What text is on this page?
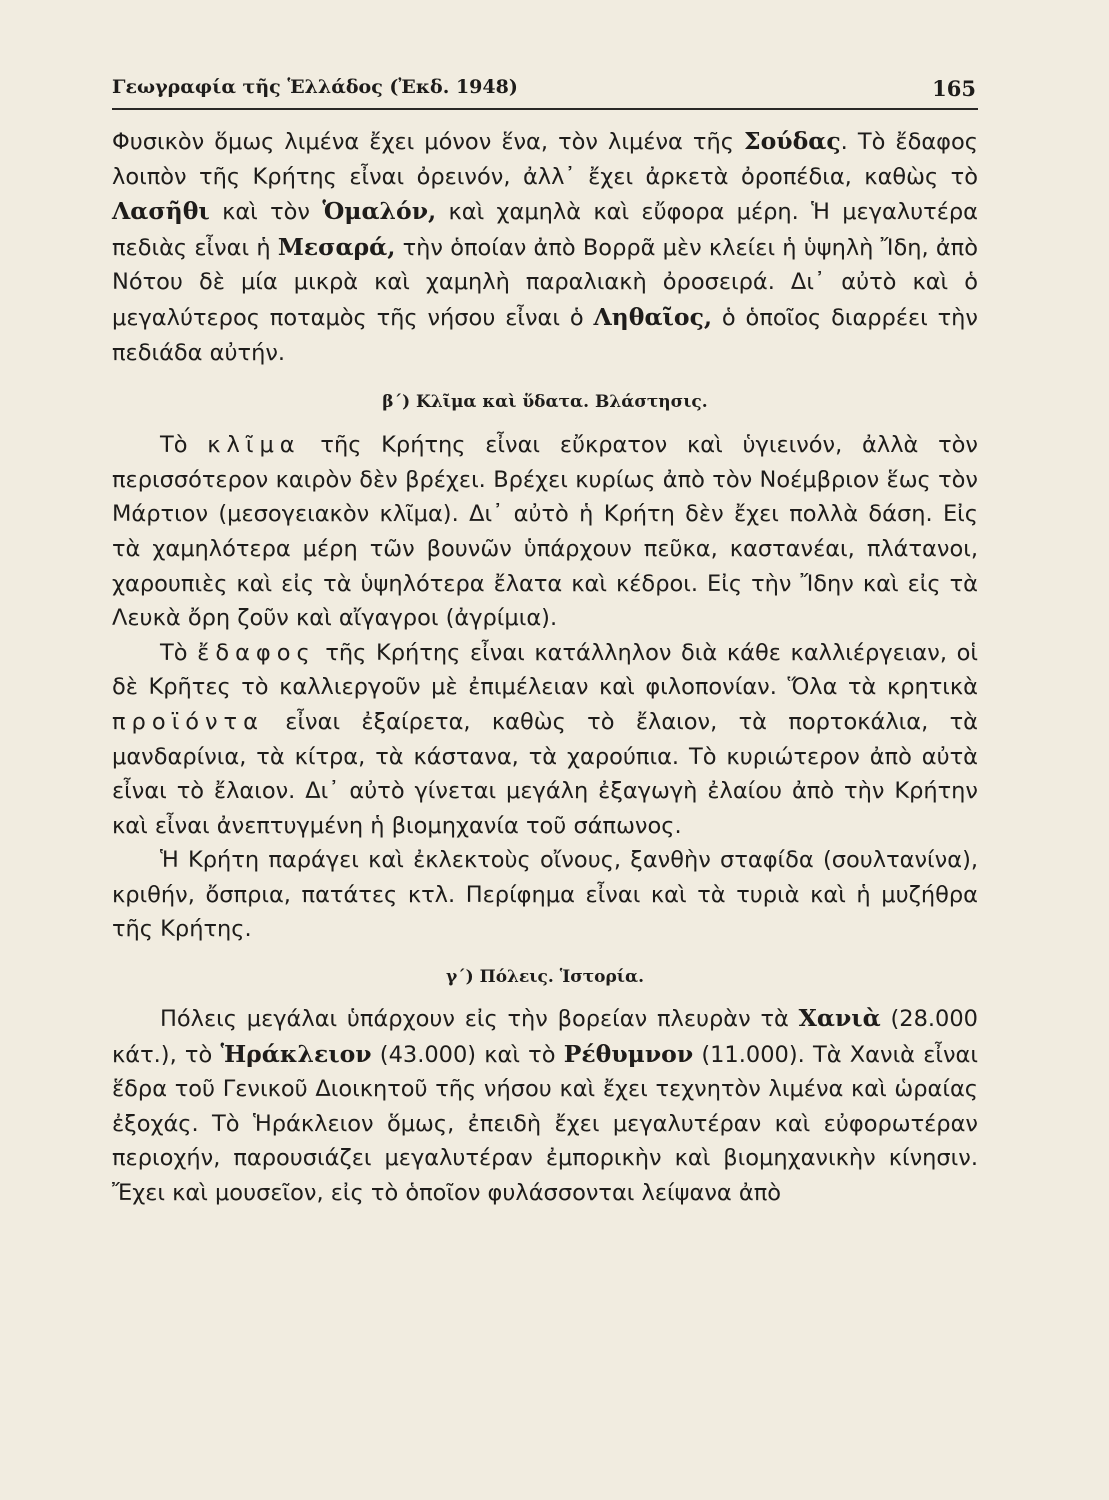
Γεωγραφία τῆς Ἑλλάδος (Ἐκδ. 1948)	165

Φυσικὸν ὅμως λιμένα ἔχει μόνον ἕνα, τὸν λιμένα τῆς Σούδας. Τὸ ἔδαφος λοιπὸν τῆς Κρήτης εἶναι ὀρεινόν, ἀλλ᾽ ἔχει ἀρκετὰ ὀροπέδια, καθὼς τὸ Λασῆθι καὶ τὸν Ὁμαλόν, καὶ χαμηλὰ καὶ εὔφορα μέρη. Ἡ μεγαλυτέρα πεδιὰς εἶναι ἡ Μεσαρά, τὴν ὁποίαν ἀπὸ Βορρᾶ μὲν κλείει ἡ ὑψηλὴ Ἴδη, ἀπὸ Νότου δὲ μία μικρὰ καὶ χαμηλὴ παραλιακὴ ὀροσειρά. Δι᾽ αὐτὸ καὶ ὁ μεγαλύτερος ποταμὸς τῆς νήσου εἶναι ὁ Ληθαῖος, ὁ ὁποῖος διαρρέει τὴν πεδιάδα αὐτήν.

β΄) Κλῖμα καὶ ὕδατα. Βλάστησις.

Τὸ κλῖμα τῆς Κρήτης εἶναι εὔκρατον καὶ ὑγιεινόν, ἀλλὰ τὸν περισσότερον καιρὸν δὲν βρέχει. Βρέχει κυρίως ἀπὸ τὸν Νοέμβριον ἕως τὸν Μάρτιον (μεσογειακὸν κλῖμα). Δι᾽ αὐτὸ ἡ Κρήτη δὲν ἔχει πολλὰ δάση. Εἰς τὰ χαμηλότερα μέρη τῶν βουνῶν ὑπάρχουν πεῦκα, καστανέαι, πλάτανοι, χαρουπιὲς καὶ εἰς τὰ ὑψηλότερα ἔλατα καὶ κέδροι. Εἰς τὴν Ἴδην καὶ εἰς τὰ Λευκὰ ὄρη ζοῦν καὶ αἴγαγροι (ἀγρίμια).

Τὸ ἔδαφος τῆς Κρήτης εἶναι κατάλληλον διὰ κάθε καλλιέργειαν, οἱ δὲ Κρῆτες τὸ καλλιεργοῦν μὲ ἐπιμέλειαν καὶ φιλοπονίαν. Ὅλα τὰ κρητικὰ προϊόντα εἶναι ἐξαίρετα, καθὼς τὸ ἔλαιον, τὰ πορτοκάλια, τὰ μανδαρίνια, τὰ κίτρα, τὰ κάστανα, τὰ χαρούπια. Τὸ κυριώτερον ἀπὸ αὐτὰ εἶναι τὸ ἔλαιον. Δι᾽ αὐτὸ γίνεται μεγάλη ἐξαγωγὴ ἐλαίου ἀπὸ τὴν Κρήτην καὶ εἶναι ἀνεπτυγμένη ἡ βιομηχανία τοῦ σάπωνος.

Ἡ Κρήτη παράγει καὶ ἐκλεκτοὺς οἴνους, ξανθὴν σταφίδα (σουλτανίνα), κριθήν, ὄσπρια, πατάτες κτλ. Περίφημα εἶναι καὶ τὰ τυριὰ καὶ ἡ μυζήθρα τῆς Κρήτης.

γ΄) Πόλεις. Ἱστορία.

Πόλεις μεγάλαι ὑπάρχουν εἰς τὴν βορείαν πλευρὰν τὰ Χανιὰ (28.000 κάτ.), τὸ Ἡράκλειον (43.000) καὶ τὸ Ρέθυμνον (11.000). Τὰ Χανιὰ εἶναι ἕδρα τοῦ Γενικοῦ Διοικητοῦ τῆς νήσου καὶ ἔχει τεχνητὸν λιμένα καὶ ὡραίας ἐξοχάς. Τὸ Ἡράκλειον ὅμως, ἐπειδὴ ἔχει μεγαλυτέραν καὶ εὐφορωτέραν περιοχήν, παρουσιάζει μεγαλυτέραν ἐμπορικὴν καὶ βιομηχανικὴν κίνησιν. Ἔχει καὶ μουσεῖον, εἰς τὸ ὁποῖον φυλάσσονται λείψανα ἀπὸ
